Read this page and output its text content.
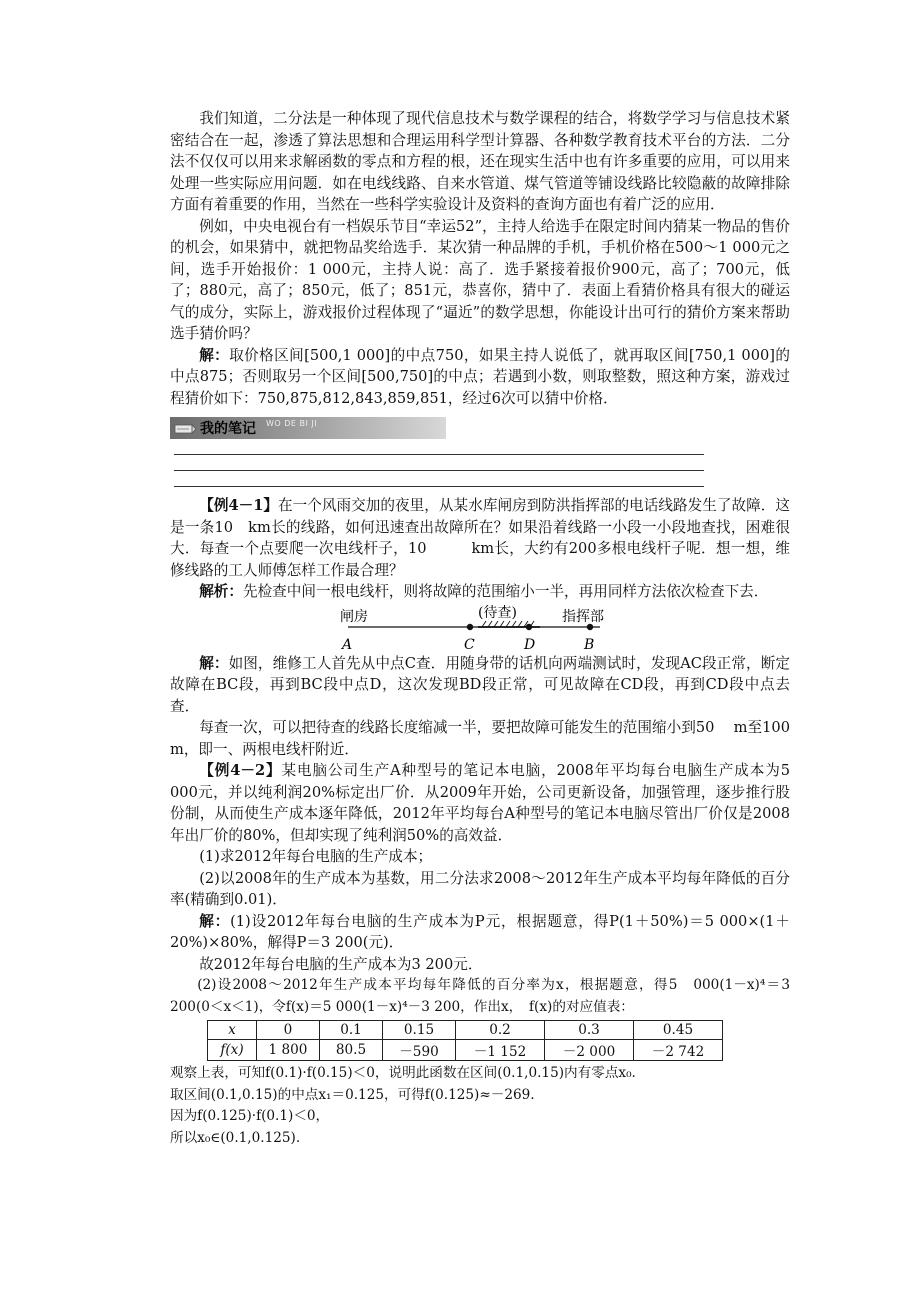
我们知道，二分法是一种体现了现代信息技术与数学课程的结合，将数学学习与信息技术紧密结合在一起，渗透了算法思想和合理运用科学型计算器、各种数学教育技术平台的方法．二分法不仅仅可以用来求解函数的零点和方程的根，还在现实生活中也有许多重要的应用，可以用来处理一些实际应用问题．如在电线线路、自来水管道、煤气管道等铺设线路比较隐蔽的故障排除方面有着重要的作用，当然在一些科学实验设计及资料的查询方面也有着广泛的应用．

例如，中央电视台有一档娱乐节目“幸运52”，主持人给选手在限定时间内猜某一物品的售价的机会，如果猜中，就把物品奖给选手．某次猜一种品牌的手机，手机价格在500～1 000元之间，选手开始报价：1 000元，主持人说：高了．选手紧接着报价900元，高了；700元，低了；880元，高了；850元，低了；851元，恭喜你，猜中了．表面上看猜价格具有很大的碰运气的成分，实际上，游戏报价过程体现了“逼近”的数学思想，你能设计出可行的猜价方案来帮助选手猜价吗？

解：取价格区间[500,1 000]的中点750，如果主持人说低了，就再取区间[750,1 000]的中点875；否则取另一个区间[500,750]的中点；若遇到小数，则取整数，照这种方案，游戏过程猜价如下：750,875,812,843,859,851，经过6次可以猜中价格．

我的笔记 WO DE BI JI

【例4－1】在一个风雨交加的夜里，从某水库闸房到防洪指挥部的电话线路发生了故障．这是一条10　km长的线路，如何迅速查出故障所在？如果沿着线路一小段一小段地查找，困难很大．每查一个点要爬一次电线杆子，10　　　km长，大约有200多根电线杆子呢．想一想，维修线路的工人师傅怎样工作最合理？

解析：先检查中间一根电线杆，则将故障的范围缩小一半，再用同样方法依次检查下去．

闸房	(待查)	指挥部
A	C	D	B

解：如图，维修工人首先从中点C查．用随身带的话机向两端测试时，发现AC段正常，断定故障在BC段，再到BC段中点D，这次发现BD段正常，可见故障在CD段，再到CD段中点去查．

每查一次，可以把待查的线路长度缩减一半，要把故障可能发生的范围缩小到50　 m至100 m，即一、两根电线杆附近．

【例4－2】某电脑公司生产A种型号的笔记本电脑，2008年平均每台电脑生产成本为5 000元，并以纯利润20%标定出厂价．从2009年开始，公司更新设备，加强管理，逐步推行股份制，从而使生产成本逐年降低，2012年平均每台A种型号的笔记本电脑尽管出厂价仅是2008年出厂价的80%，但却实现了纯利润50%的高效益．

(1)求2012年每台电脑的生产成本；

(2)以2008年的生产成本为基数，用二分法求2008～2012年生产成本平均每年降低的百分率(精确到0.01)．

解：(1)设2012年每台电脑的生产成本为P元，根据题意，得P(1＋50%)＝5 000×(1＋20%)×80%，解得P＝3 200(元)．

故2012年每台电脑的生产成本为3 200元．

(2)设2008～2012年生产成本平均每年降低的百分率为x，根据题意，得5　000(1－x)⁴＝3 200(0＜x＜1)，令f(x)＝5 000(1－x)⁴－3 200，作出x，　f(x)的对应值表：

x	0	0.1	0.15	0.2	0.3	0.45
f(x)	1 800	80.5	－590	－1 152	－2 000	－2 742

观察上表，可知f(0.1)·f(0.15)＜0，说明此函数在区间(0.1,0.15)内有零点x₀.

取区间(0.1,0.15)的中点x₁＝0.125，可得f(0.125)≈－269.

因为f(0.125)·f(0.1)＜0，

所以x₀∈(0.1,0.125).
